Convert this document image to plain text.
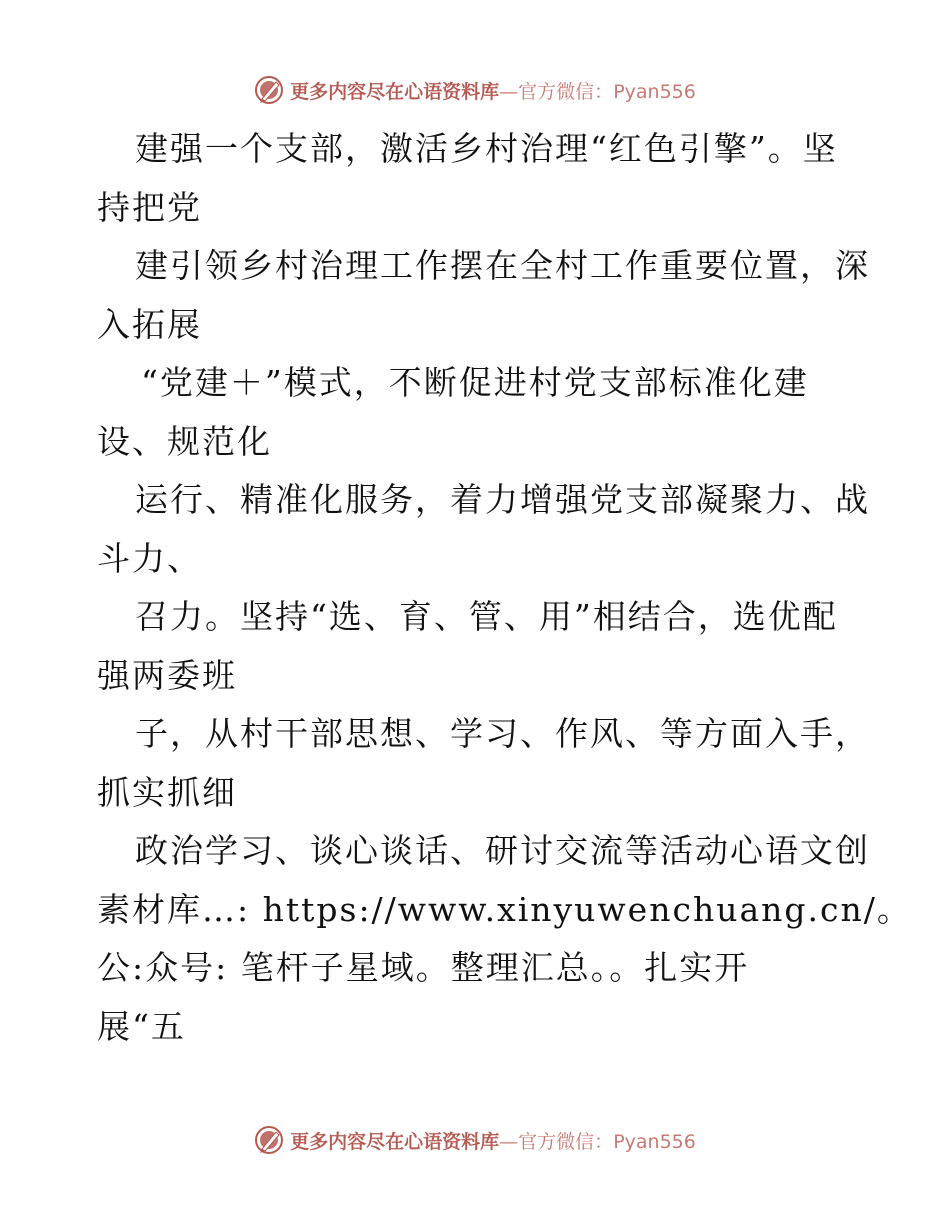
更多内容尽在心语资料库—官方微信：Pyan556
建强一个支部，激活乡村治理“红色引擎”。坚
持把党
建引领乡村治理工作摆在全村工作重要位置，深
入拓展
“党建＋”模式，不断促进村党支部标准化建
设、规范化
运行、精准化服务，着力增强党支部凝聚力、战
斗力、
召力。坚持“选、育、管、用”相结合，选优配
强两委班
子，从村干部思想、学习、作风、等方面入手，
抓实抓细
政治学习、谈心谈话、研讨交流等活动心语文创
素材库…: https://www.xinyuwenchuang.cn/。
公:众号: 笔杆子星域。整理汇总。。扎实开
展“五
更多内容尽在心语资料库—官方微信：Pyan556
